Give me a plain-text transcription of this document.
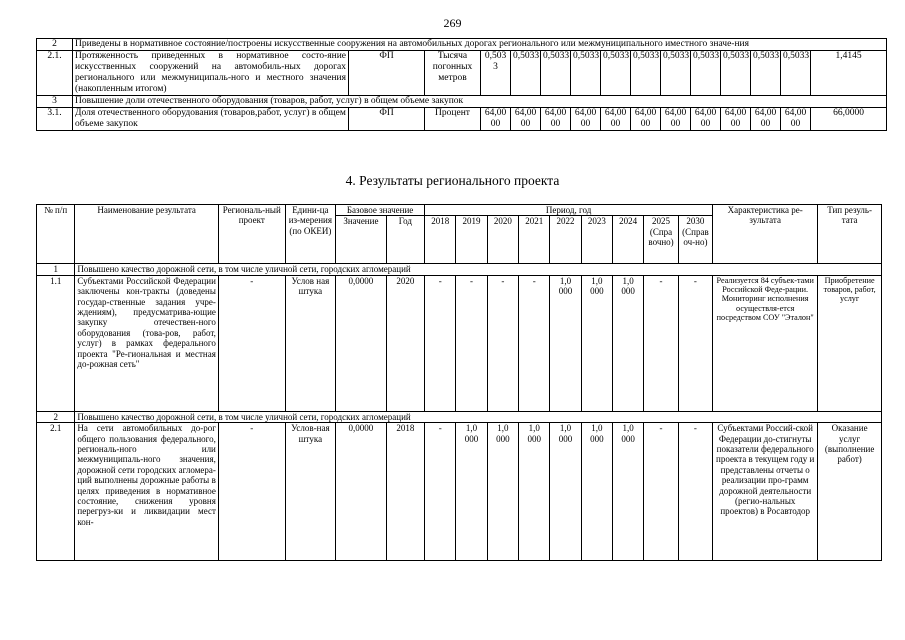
269
2	Приведены в нормативное состояние/построены искусственные сооружения на автомобильных дорогах регионального или межмуниципального иместного значе-ния														
2.1.	Протяженность приведенных в нормативное состо-яние искусственных сооружений на автомобиль-ных дорогах регионального или межмуниципаль-ного и местного значения (накопленным итогом)	ФП	Тысяча погонных метров	0,503 3	0,5033	0,5033	0,5033	0,5033	0,5033	0,5033	0,5033	0,5033	0,5033	0,5033	1,4145
3	Повышение доли отечественного оборудования (товаров, работ, услуг) в общем объеме закупок														
3.1.	Доля отечественного оборудования (товаров,работ, услуг) в общем объеме закупок	ФП	Процент	64,00 00	64,00 00	64,00 00	64,00 00	64,00 00	64,00 00	64,00 00	64,00 00	64,00 00	64,00 00	64,00 00	66,0000
4. Результаты регионального проекта
№ п/п	Наименование результата	Региональ-ный проект	Едини-ца из-мерения (по ОКЕИ)	Базовое значение		Период, год									Характеристика ре-зультата	Тип резуль-тата
				Значение	Год	2018	2019	2020	2021	2022	2023	2024	2025 (Спра вочно)	2030 (Справ оч-но)		
1	Повышено качество дорожной сети, в том числе уличной сети, городских агломераций															
1.1	Субъектами Российской Федерации заключены кон-тракты (доведены государ-ственные задания учре-ждениям), предусматрива-ющие закупку отечествен-ного оборудования (това-ров, работ, услуг) в рамках федерального проекта "Ре-гиональная и местная до-рожная сеть"	-	Услов ная штука	0,0000	2020	-	-	-	-	1,0 000	1,0 000	1,0 000	-	-	Реализуется 84 субъек-тами Российской Феде-рации. Мониторинг исполнения осуществля-ется посредством СОУ "Эталон"	Приобретение товаров, работ, услуг
2	Повышено качество дорожной сети, в том числе уличной сети, городских агломераций															
2.1	На сети автомобильных до-рог общего пользования федерального, региональ-ного или межмуниципаль-ного значения, дорожной сети городских агломера-ций выполнены дорожные работы в целях приведения в нормативное состояние, снижения уровня перегруз-ки и ликвидации мест кон-	-	Услов-ная штука	0,0000	2018	-	1,0 000	1,0 000	1,0 000	1,0 000	1,0 000	1,0 000	-	-	Субъектами Россий-ской Федерации до-стигнуты показатели федерального проекта в текущем году и представлены отчеты о реализации про-грамм дорожной деятельности (регио-нальных проектов) в Росавтодор	Оказание услуг (выполнение работ)
